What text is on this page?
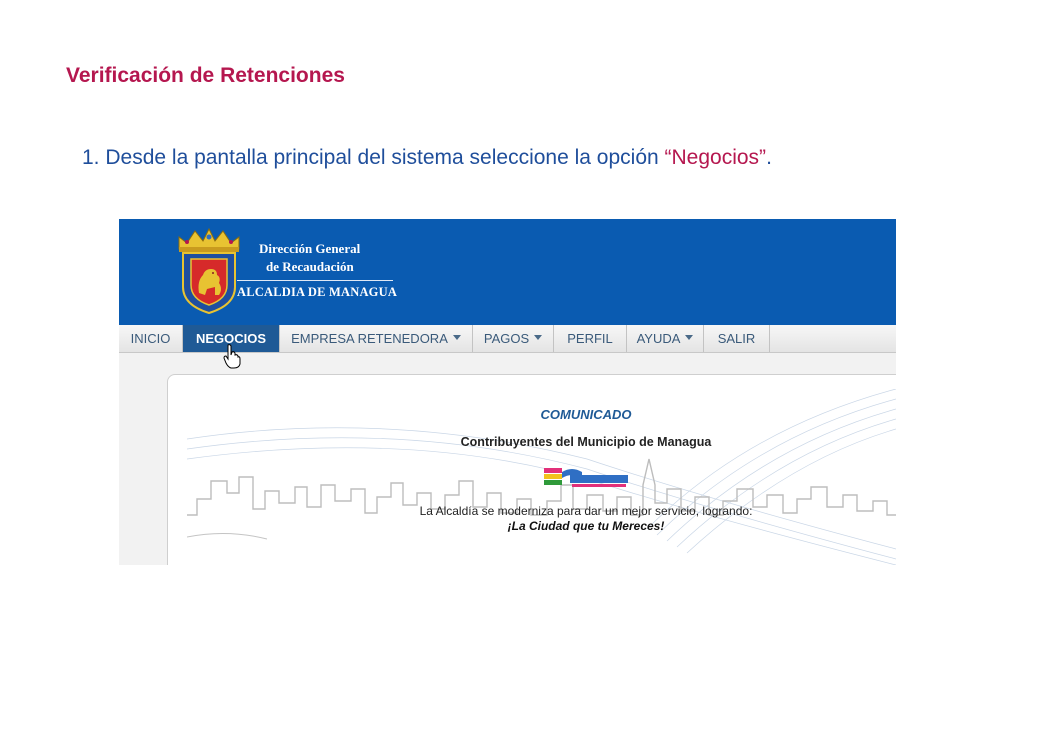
Verificación de Retenciones

1. Desde la pantalla principal del sistema seleccione la opción “Negocios”.

Dirección General
de Recaudación
ALCALDIA DE MANAGUA
INICIO	NEGOCIOS	EMPRESA RETENEDORA	PAGOS	PERFIL	AYUDA	SALIR
COMUNICADO
Contribuyentes del Municipio de Managua
La Alcaldía se moderniza para dar un mejor servicio, logrando:
¡La Ciudad que tu Mereces!
